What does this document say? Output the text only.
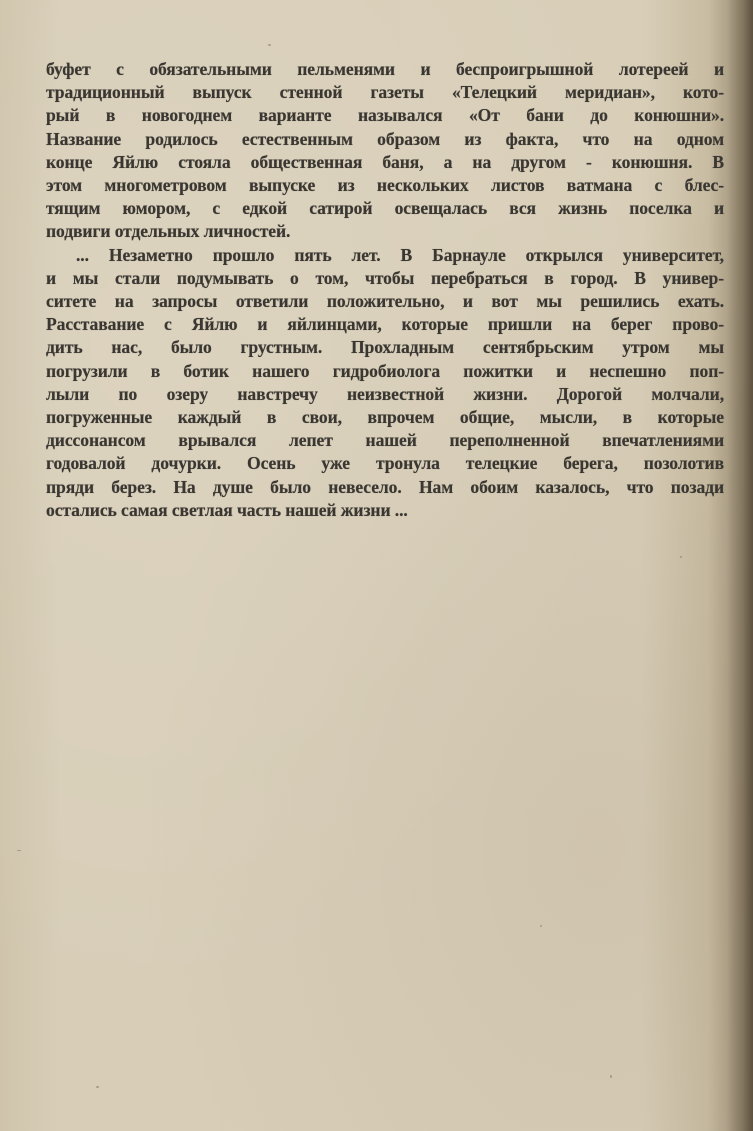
буфет с обязательными пельменями и беспроигрышной лотереей и
традиционный выпуск стенной газеты «Телецкий меридиан», кото-
рый в новогоднем варианте назывался «От бани до конюшни».
Название родилось естественным образом из факта, что на одном
конце Яйлю стояла общественная баня, а на другом - конюшня. В
этом многометровом выпуске из нескольких листов ватмана с блес-
тящим юмором, с едкой сатирой освещалась вся жизнь поселка и
подвиги отдельных личностей.
... Незаметно прошло пять лет. В Барнауле открылся университет,
и мы стали подумывать о том, чтобы перебраться в город. В универ-
ситете на запросы ответили положительно, и вот мы решились ехать.
Расставание с Яйлю и яйлинцами, которые пришли на берег прово-
дить нас, было грустным. Прохладным сентябрьским утром мы
погрузили в ботик нашего гидробиолога пожитки и неспешно поп-
лыли по озеру навстречу неизвестной жизни. Дорогой молчали,
погруженные каждый в свои, впрочем общие, мысли, в которые
диссонансом врывался лепет нашей переполненной впечатлениями
годовалой дочурки. Осень уже тронула телецкие берега, позолотив
пряди берез. На душе было невесело. Нам обоим казалось, что позади
остались самая светлая часть нашей жизни ...
